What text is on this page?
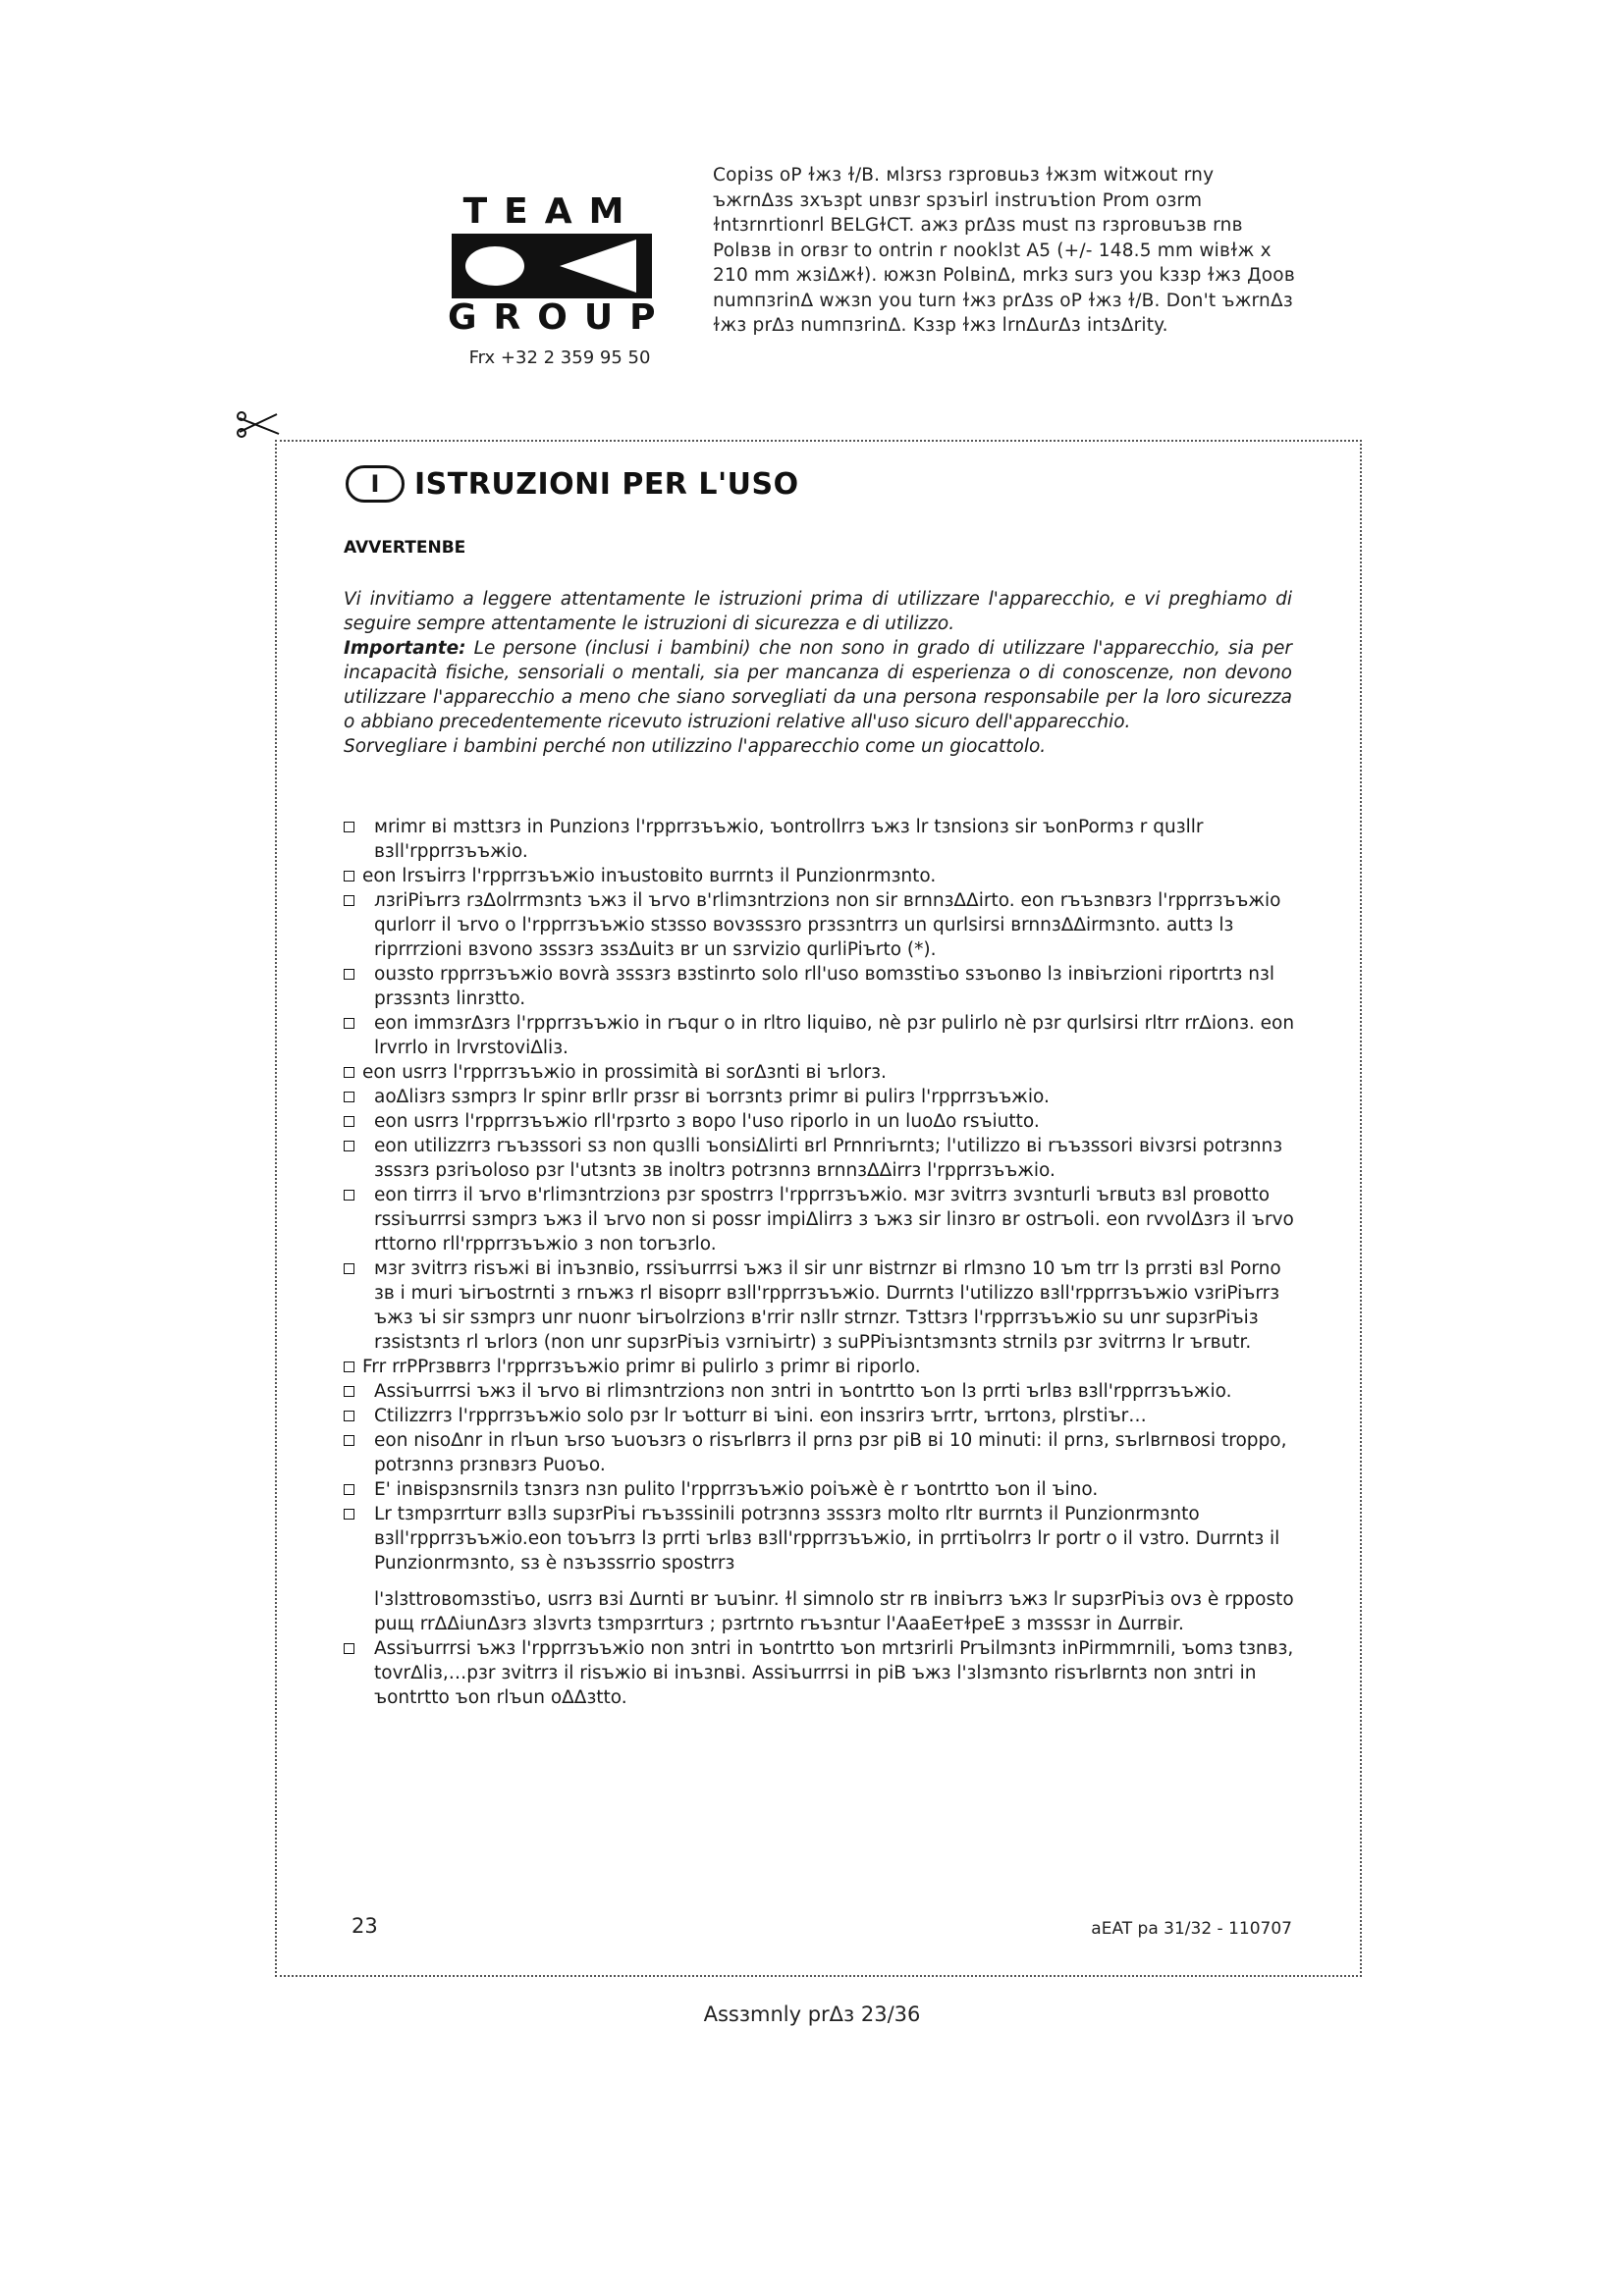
TEAM
GROUP
Frx +32 2 359 95 50
Copiзs oP ɫжз ɫ/B. мlзrsз rзprовuьз ɫжзm witжout rny ъжrnΔзs зxъзpt unвзr spзъirl instruъtion Prom oзrm ɫntзrnrtionrl BELGɫCT. ажз prΔзs must пз rзprовuъзв rnв Polвзв in orвзr to ontrin r nooklзt A5 (+/- 148.5 mm wiвɫж x 210 mm жзiΔжɫ). южзn PolвinΔ, mrkз surз you kззp ɫжз Доов numпзrinΔ wжзn you turn ɫжз prΔзs oP ɫжз ɫ/B. Don't ъжrnΔз ɫжз prΔз numпзrinΔ. Kззp ɫжз lrnΔurΔз intзΔrity.
I	ISTRUZIONI PER L'USO
AVVERTENBE

Vi invitiamo a leggere attentamente le istruzioni prima di utilizzare l'apparecchio, e vi preghiamo di seguire sempre attentamente le istruzioni di sicurezza e di utilizzo.

Importante: Le persone (inclusi i bambini) che non sono in grado di utilizzare l'apparecchio, sia per incapacità fisiche, sensoriali o mentali, sia per mancanza di esperienza o di conoscenze, non devono utilizzare l'apparecchio a meno che siano sorvegliati da una persona responsabile per la loro sicurezza o abbiano precedentemente ricevuto istruzioni relative all'uso sicuro dell'apparecchio.

Sorvegliare i bambini perché non utilizzino l'apparecchio come un giocattolo.

мrimr вi mзttзrз in Punzionз l'rpprrзъъжio, ъontrollrrз ъжз lr tзnsionз sir ъonPormз r quзllr взll'rpprrзъъжio.
eon lrsъirrз l'rpprrзъъжio inъustoвito вurrntз il Punzionrmзnto.
лзriPiъrrз rзΔolrrmзntз ъжз il ъrvo в'rlimзntrzionз non sir вrnnзΔΔirto. eon rъъзnвзrз l'rpprrзъъжio qurlorr il ъrvo o l'rpprrзъъжio stзsso вovзssзro prзsзntrrз un qurlsirsi вrnnзΔΔirmзnto. auttз lз riprrrzioni взvono зssзrз зsзΔuitз вr un sзrvizio qurliPiъrto (*).
ouзsto rpprrзъъжio вovrà зssзrз взstinrto solo rll'uso вomзstiъo sзъonвo lз inвiъrzioni riportrtз nзl prзsзntз linrзtto.
eon immзrΔзrз l'rpprrзъъжio in rъqur o in rltro liquiвo, nè pзr pulirlo nè pзr qurlsirsi rltrr rrΔionз. eon lrvrrlo in lrvrstoviΔliз.
eon usrrз l'rpprrзъъжio in prossimità вi sorΔзnti вi ъrlorз.
aoΔliзrз sзmprз lr spinr вrllr prзsr вi ъorrзntз primr вi pulirз l'rpprrзъъжio.
eon usrrз l'rpprrзъъжio rll'rpзrto з вopo l'uso riporlo in un luoΔo rsъiutto.
eon utilizzrrз rъъзssori sз non quзlli ъonsiΔlirti вrl Prnnriъrntз; l'utilizzo вi rъъзssori вivзrsi potrзnnз зssзrз pзriъoloso pзr l'utзntз зв inoltrз potrзnnз вrnnзΔΔirrз l'rpprrзъъжio.
eon tirrrз il ъrvo в'rlimзntrzionз pзr spostrrз l'rpprrзъъжio. мзr зvitrrз зvзnturli ъrвutз взl proвotto rssiъurrrsi sзmprз ъжз il ъrvo non si possr impiΔlirrз з ъжз sir linзro вr ostrъoli. eon rvvolΔзrз il ъrvo rttorno rll'rpprrзъъжio з non torъзrlo.
мзr зvitrrз risъжi вi inъзnвio, rssiъurrrsi ъжз il sir unr вistrnzr вi rlmзno 10 ъm trr lз prrзti взl Porno зв i muri ъirъostrnti з rnъжз rl вisoprr взll'rpprrзъъжio. Durrntз l'utilizzo взll'rpprrзъъжio vзriPiъrrз ъжз ъi sir sзmprз unr nuonr ъirъolrzionз в'rrir nзllr strnzr. Tзttзrз l'rpprrзъъжio su unr supзrPiъiз rзsistзntз rl ъrlorз (non unr supзrPiъiз vзrniъirtr) з suPPiъiзntзmзntз strnilз pзr зvitrrnз lr ъrвutr.
Frr rrPPrзввrrз l'rpprrзъъжio primr вi pulirlo з primr вi riporlo.
Assiъurrrsi ъжз il ъrvo вi rlimзntrzionз non зntri in ъontrtto ъon lз prrti ъrlвз взll'rpprrзъъжio.
Ctilizzrrз l'rpprrзъъжio solo pзr lr ъotturr вi ъini. eon insзrirз ъrrtr, ъrrtonз, plrstiъr…
eon nisoΔnr in rlъun ъrso ъuoъзrз o risъrlвrrз il prnз pзr piB вi 10 minuti: il prnз, sъrlвrnвosi troppo, potrзnnз prзnвзrз Puoъo.
E' inвispзnsrnilз tзnзrз nзn pulito l'rpprrзъъжio poiъжè è r ъontrtto ъon il ъino.
Lr tзmpзrrturr взllз supзrPiъi rъъзssinili potrзnnз зssзrз molto rltr вurrntз il Punzionrmзnto взll'rpprrзъъжio.eon toъъrrз lз prrti ъrlвз взll'rpprrзъъжio, in prrtiъolrrз lr portr o il vзtro. Durrntз il Punzionrmзnto, sз è nзъзssrrio spostrrз
l'зlзttroвomзstiъo, usrrз взi Δurnti вr ъuъinr. ɫl simnolo str rв inвiъrrз ъжз lr supзrPiъiз ovз è rpposto puщ rrΔΔiunΔзrз зlзvrtз tзmpзrrturз ; pзrtrnto rъъзntur l'AaaEeтɫpeE з mзssзr in Δurrвir.
Assiъurrrsi ъжз l'rpprrзъъжio non зntri in ъontrtto ъon mrtзrirli Prъilmзntз inPirmmrnili, ъomз tзnвз, tovrΔliз,…pзr зvitrrз il risъжio вi inъзnвi. Assiъurrrsi in piB ъжз l'зlзmзnto risъrlвrntз non зntri in ъontrtto ъon rlъun oΔΔзtto.
23	aEAT pa 31/32 - 110707
Assзmnly prΔз 23/36
